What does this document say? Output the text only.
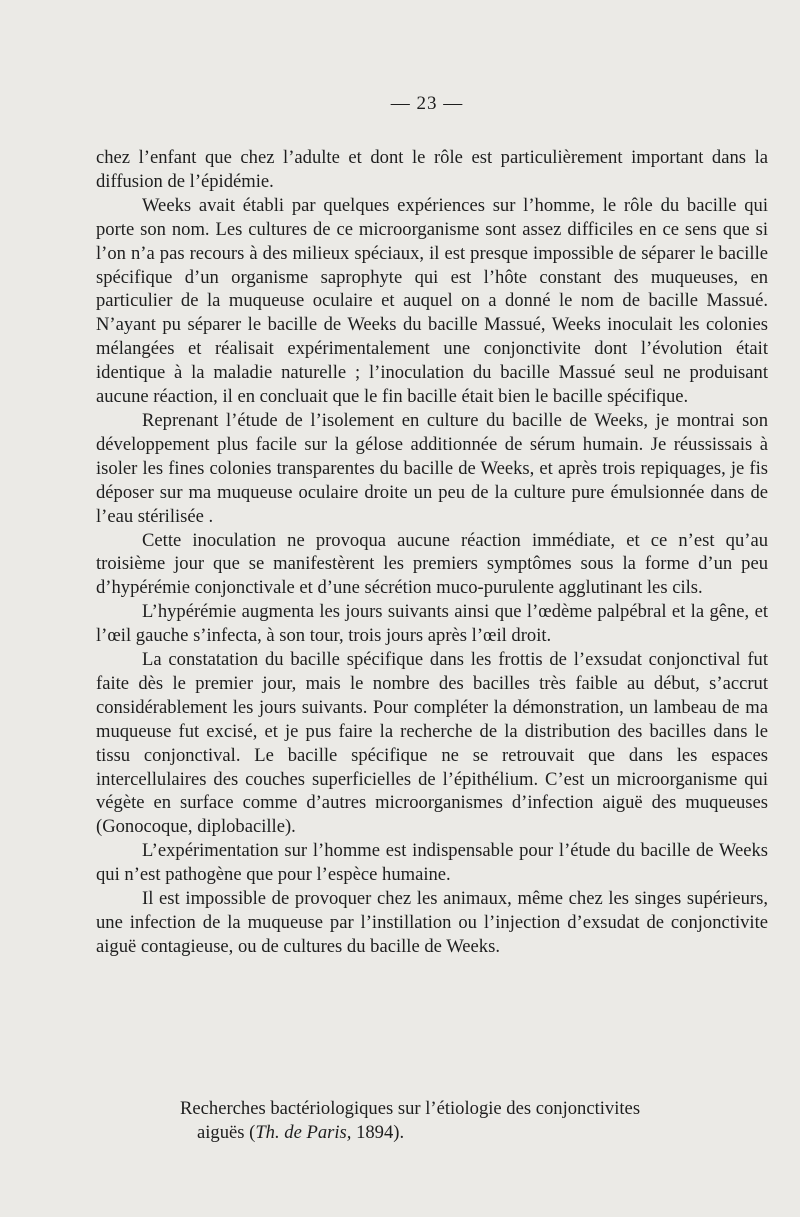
— 23 —

chez l’enfant que chez l’adulte et dont le rôle est particulièrement important dans la diffusion de l’épidémie.

Weeks avait établi par quelques expériences sur l’homme, le rôle du bacille qui porte son nom. Les cultures de ce microorganisme sont assez difficiles en ce sens que si l’on n’a pas recours à des milieux spéciaux, il est presque impossible de séparer le bacille spécifique d’un organisme saprophyte qui est l’hôte constant des muqueuses, en particulier de la muqueuse oculaire et auquel on a donné le nom de bacille Massué. N’ayant pu séparer le bacille de Weeks du bacille Massué, Weeks inoculait les colonies mélangées et réalisait expérimentalement une conjonctivite dont l’évolution était identique à la maladie naturelle ; l’inoculation du bacille Massué seul ne produisant aucune réaction, il en concluait que le fin bacille était bien le bacille spécifique.

Reprenant l’étude de l’isolement en culture du bacille de Weeks, je montrai son développement plus facile sur la gélose additionnée de sérum humain. Je réussissais à isoler les fines colonies transparentes du bacille de Weeks, et après trois repiquages, je fis déposer sur ma muqueuse oculaire droite un peu de la culture pure émulsionnée dans de l’eau stérilisée .

Cette inoculation ne provoqua aucune réaction immédiate, et ce n’est qu’au troisième jour que se manifestèrent les premiers symptômes sous la forme d’un peu d’hypérémie conjonctivale et d’une sécrétion muco-purulente agglutinant les cils.

L’hypérémie augmenta les jours suivants ainsi que l’œdème palpébral et la gêne, et l’œil gauche s’infecta, à son tour, trois jours après l’œil droit.

La constatation du bacille spécifique dans les frottis de l’exsudat conjonctival fut faite dès le premier jour, mais le nombre des bacilles très faible au début, s’accrut considérablement les jours suivants. Pour compléter la démonstration, un lambeau de ma muqueuse fut excisé, et je pus faire la recherche de la distribution des bacilles dans le tissu conjonctival. Le bacille spécifique ne se retrouvait que dans les espaces intercellulaires des couches superficielles de l’épithélium. C’est un microorganisme qui végète en surface comme d’autres microorganismes d’infection aiguë des muqueuses (Gonocoque, diplobacille).

L’expérimentation sur l’homme est indispensable pour l’étude du bacille de Weeks qui n’est pathogène que pour l’espèce humaine.

Il est impossible de provoquer chez les animaux, même chez les singes supérieurs, une infection de la muqueuse par l’instillation ou l’injection d’exsudat de conjonctivite aiguë contagieuse, ou de cultures du bacille de Weeks.

Recherches bactériologiques sur l’étiologie des conjonctivites
aiguës (Th. de Paris, 1894).
